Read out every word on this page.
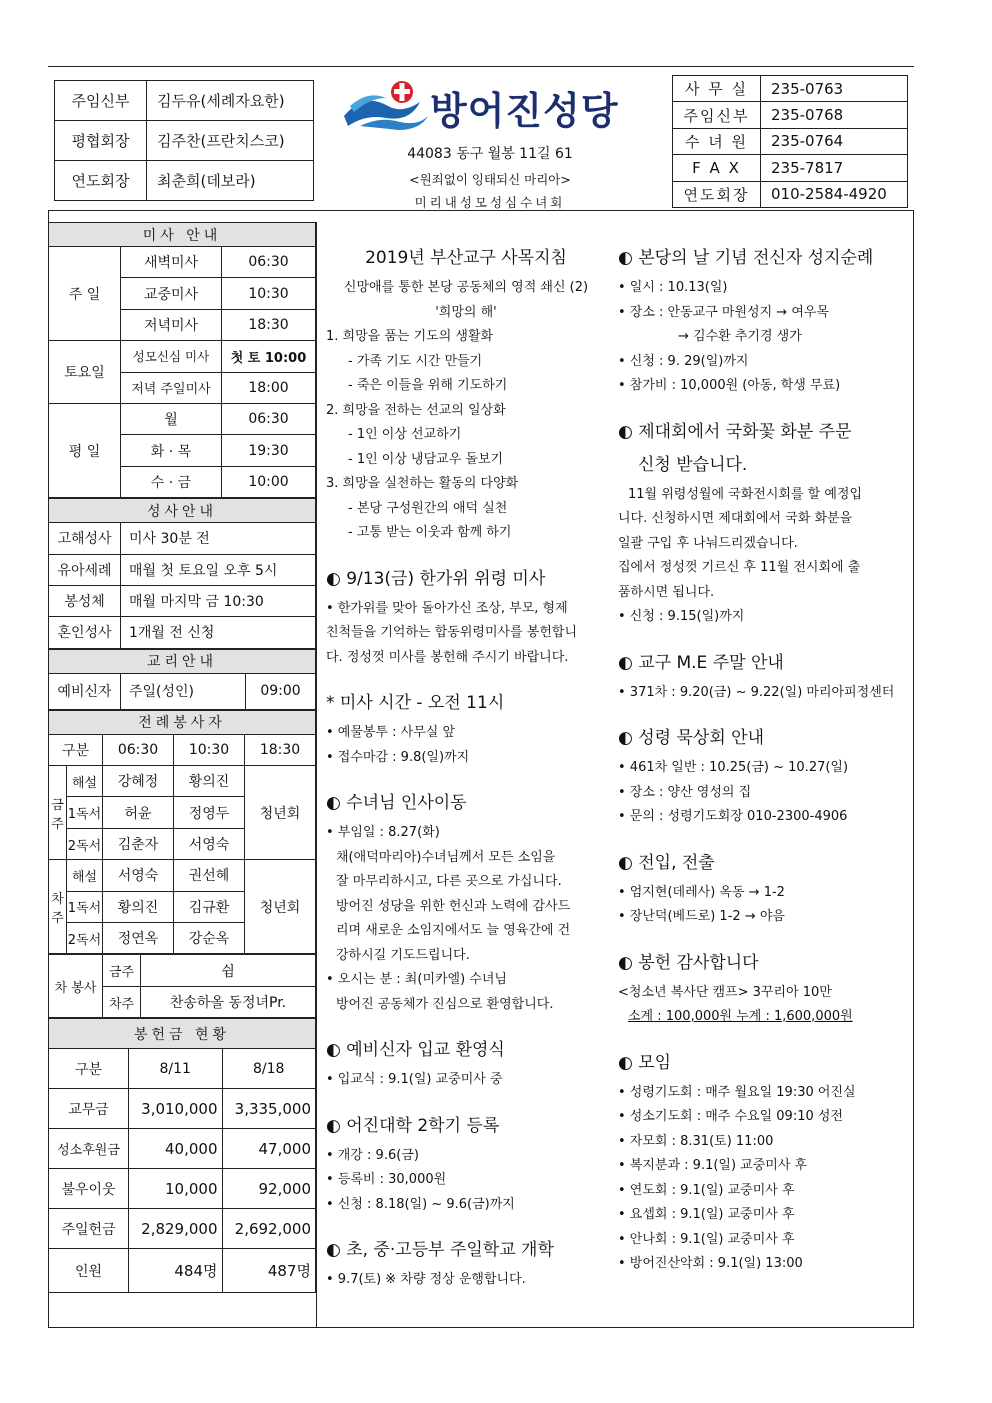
주임신부	김두유(세례자요한)
평협회장	김주찬(프란치스코)
연도회장	최춘희(데보라)
방어진성당
44083 동구 월봉 11길 61
<원죄없이 잉태되신 마리아>
미리내성모성심수녀회
사 무 실	235-0763
주임신부	235-0768
수 녀 원	235-0764
F A X	235-7817
연도회장	010-2584-4920
미사 안내		
주 일	새벽미사	06:30
	교중미사	10:30
	저녁미사	18:30
토요일	성모신심 미사	첫 토 10:00
	저녁 주일미사	18:00
평 일	월	06:30
	화 · 목	19:30
	수 · 금	10:00
성사안내	
고해성사	미사 30분 전
유아세례	매월 첫 토요일 오후 5시
봉성체	매월 마지막 금 10:30
혼인성사	1개월 전 신청
교리안내
예비신자	주일(성인)	09:00
전례봉사자				
구분		06:30	10:30	18:30
금주	해설	강혜정	황의진	청년회
	1독서	허윤	정영두	
	2독서	김춘자	서영숙	
차주	해설	서영숙	권선혜	청년회
	1독서	황의진	김규환	
	2독서	정연옥	강순옥	
차 봉사	금주	쉼
	차주	찬송하올 동정녀Pr.
봉헌금 현황		
구분	8/11	8/18
교무금	3,010,000	3,335,000
성소후원금	40,000	47,000
불우이웃	10,000	92,000
주일헌금	2,829,000	2,692,000
인원	484명	487명
2019년 부산교구 사목지침
신망애를 통한 본당 공동체의 영적 쇄신 (2)
'희망의 해'
1. 희망을 품는 기도의 생활화
- 가족 기도 시간 만들기
- 죽은 이들을 위해 기도하기
2. 희망을 전하는 선교의 일상화
- 1인 이상 선교하기
- 1인 이상 냉담교우 돌보기
3. 희망을 실천하는 활동의 다양화
- 본당 구성원간의 애덕 실천
- 고통 받는 이웃과 함께 하기
◐ 9/13(금) 한가위 위령 미사
• 한가위를 맞아 돌아가신 조상, 부모, 형제
친척들을 기억하는 합동위령미사를 봉헌합니
다. 정성껏 미사를 봉헌해 주시기 바랍니다.
* 미사 시간 - 오전 11시
• 예물봉투 : 사무실 앞
• 접수마감 : 9.8(일)까지
◐ 수녀님 인사이동
• 부임일 : 8.27(화)
채(애덕마리아)수녀님께서 모든 소임을
잘 마무리하시고, 다른 곳으로 가십니다.
방어진 성당을 위한 헌신과 노력에 감사드
리며 새로운 소임지에서도 늘 영육간에 건
강하시길 기도드립니다.
• 오시는 분 : 최(미카엘) 수녀님
방어진 공동체가 진심으로 환영합니다.
◐ 예비신자 입교 환영식
• 입교식 : 9.1(일) 교중미사 중
◐ 어진대학 2학기 등록
• 개강 : 9.6(금)
• 등록비 : 30,000원
• 신청 : 8.18(일) ~ 9.6(금)까지
◐ 초, 중·고등부 주일학교 개학
• 9.7(토) ※ 차량 정상 운행합니다.
◐ 본당의 날 기념 전신자 성지순례
• 일시 : 10.13(일)
• 장소 : 안동교구 마원성지 → 여우목
→ 김수환 추기경 생가
• 신청 : 9. 29(일)까지
• 참가비 : 10,000원 (아동, 학생 무료)
◐ 제대회에서 국화꽃 화분 주문
신청 받습니다.
11월 위령성월에 국화전시회를 할 예정입
니다. 신청하시면 제대회에서 국화 화분을
일괄 구입 후 나눠드리겠습니다.
집에서 정성껏 기르신 후 11월 전시회에 출
품하시면 됩니다.
• 신청 : 9.15(일)까지
◐ 교구 M.E 주말 안내
• 371차 : 9.20(금) ~ 9.22(일) 마리아피정센터
◐ 성령 묵상회 안내
• 461차 일반 : 10.25(금) ~ 10.27(일)
• 장소 : 양산 영성의 집
• 문의 : 성령기도회장 010-2300-4906
◐ 전입, 전출
• 엄지현(데레사) 옥동 → 1-2
• 장난덕(베드로) 1-2 → 야음
◐ 봉헌 감사합니다
<청소년 복사단 캠프> 3꾸리아 10만
소계 : 100,000원 누계 : 1,600,000원
◐ 모임
• 성령기도회 : 매주 월요일 19:30 어진실
• 성소기도회 : 매주 수요일 09:10 성전
• 자모회 : 8.31(토) 11:00
• 복지분과 : 9.1(일) 교중미사 후
• 연도회 : 9.1(일) 교중미사 후
• 요셉회 : 9.1(일) 교중미사 후
• 안나회 : 9.1(일) 교중미사 후
• 방어진산악회 : 9.1(일) 13:00
